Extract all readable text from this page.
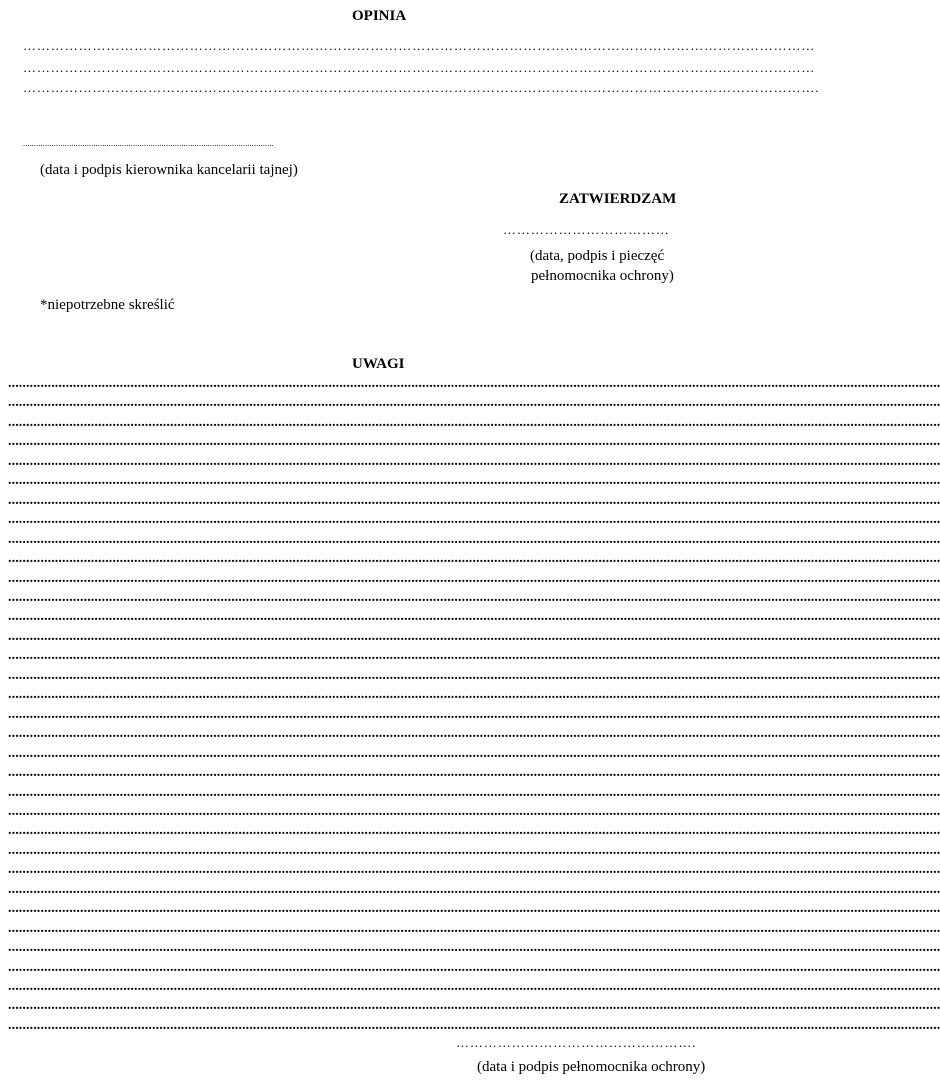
OPINIA
………………………………………………………………………………………………………………………………………………………
………………………………………………………………………………………………………………………………………………………
……………………………………………………………………………………………………………………………………………………….
..................................................................................................................
(data i podpis kierownika kancelarii tajnej)
ZATWIERDZAM
………………………………
(data, podpis i pieczęć
pełnomocnika ochrony)
*niepotrzebne skreślić
UWAGI
...................................................................................................................................................................................................................................................................
...................................................................................................................................................................................................................................................................
...................................................................................................................................................................................................................................................................
...................................................................................................................................................................................................................................................................
...................................................................................................................................................................................................................................................................
...................................................................................................................................................................................................................................................................
...................................................................................................................................................................................................................................................................
...................................................................................................................................................................................................................................................................
...................................................................................................................................................................................................................................................................
...................................................................................................................................................................................................................................................................
...................................................................................................................................................................................................................................................................
...................................................................................................................................................................................................................................................................
...................................................................................................................................................................................................................................................................
...................................................................................................................................................................................................................................................................
...................................................................................................................................................................................................................................................................
...................................................................................................................................................................................................................................................................
...................................................................................................................................................................................................................................................................
...................................................................................................................................................................................................................................................................
...................................................................................................................................................................................................................................................................
...................................................................................................................................................................................................................................................................
...................................................................................................................................................................................................................................................................
...................................................................................................................................................................................................................................................................
...................................................................................................................................................................................................................................................................
...................................................................................................................................................................................................................................................................
...................................................................................................................................................................................................................................................................
...................................................................................................................................................................................................................................................................
...................................................................................................................................................................................................................................................................
...................................................................................................................................................................................................................................................................
...................................................................................................................................................................................................................................................................
...................................................................................................................................................................................................................................................................
...................................................................................................................................................................................................................................................................
...................................................................................................................................................................................................................................................................
...................................................................................................................................................................................................................................................................
...................................................................................................................................................................................................................................................................
…………………………………………….
(data i podpis pełnomocnika ochrony)
